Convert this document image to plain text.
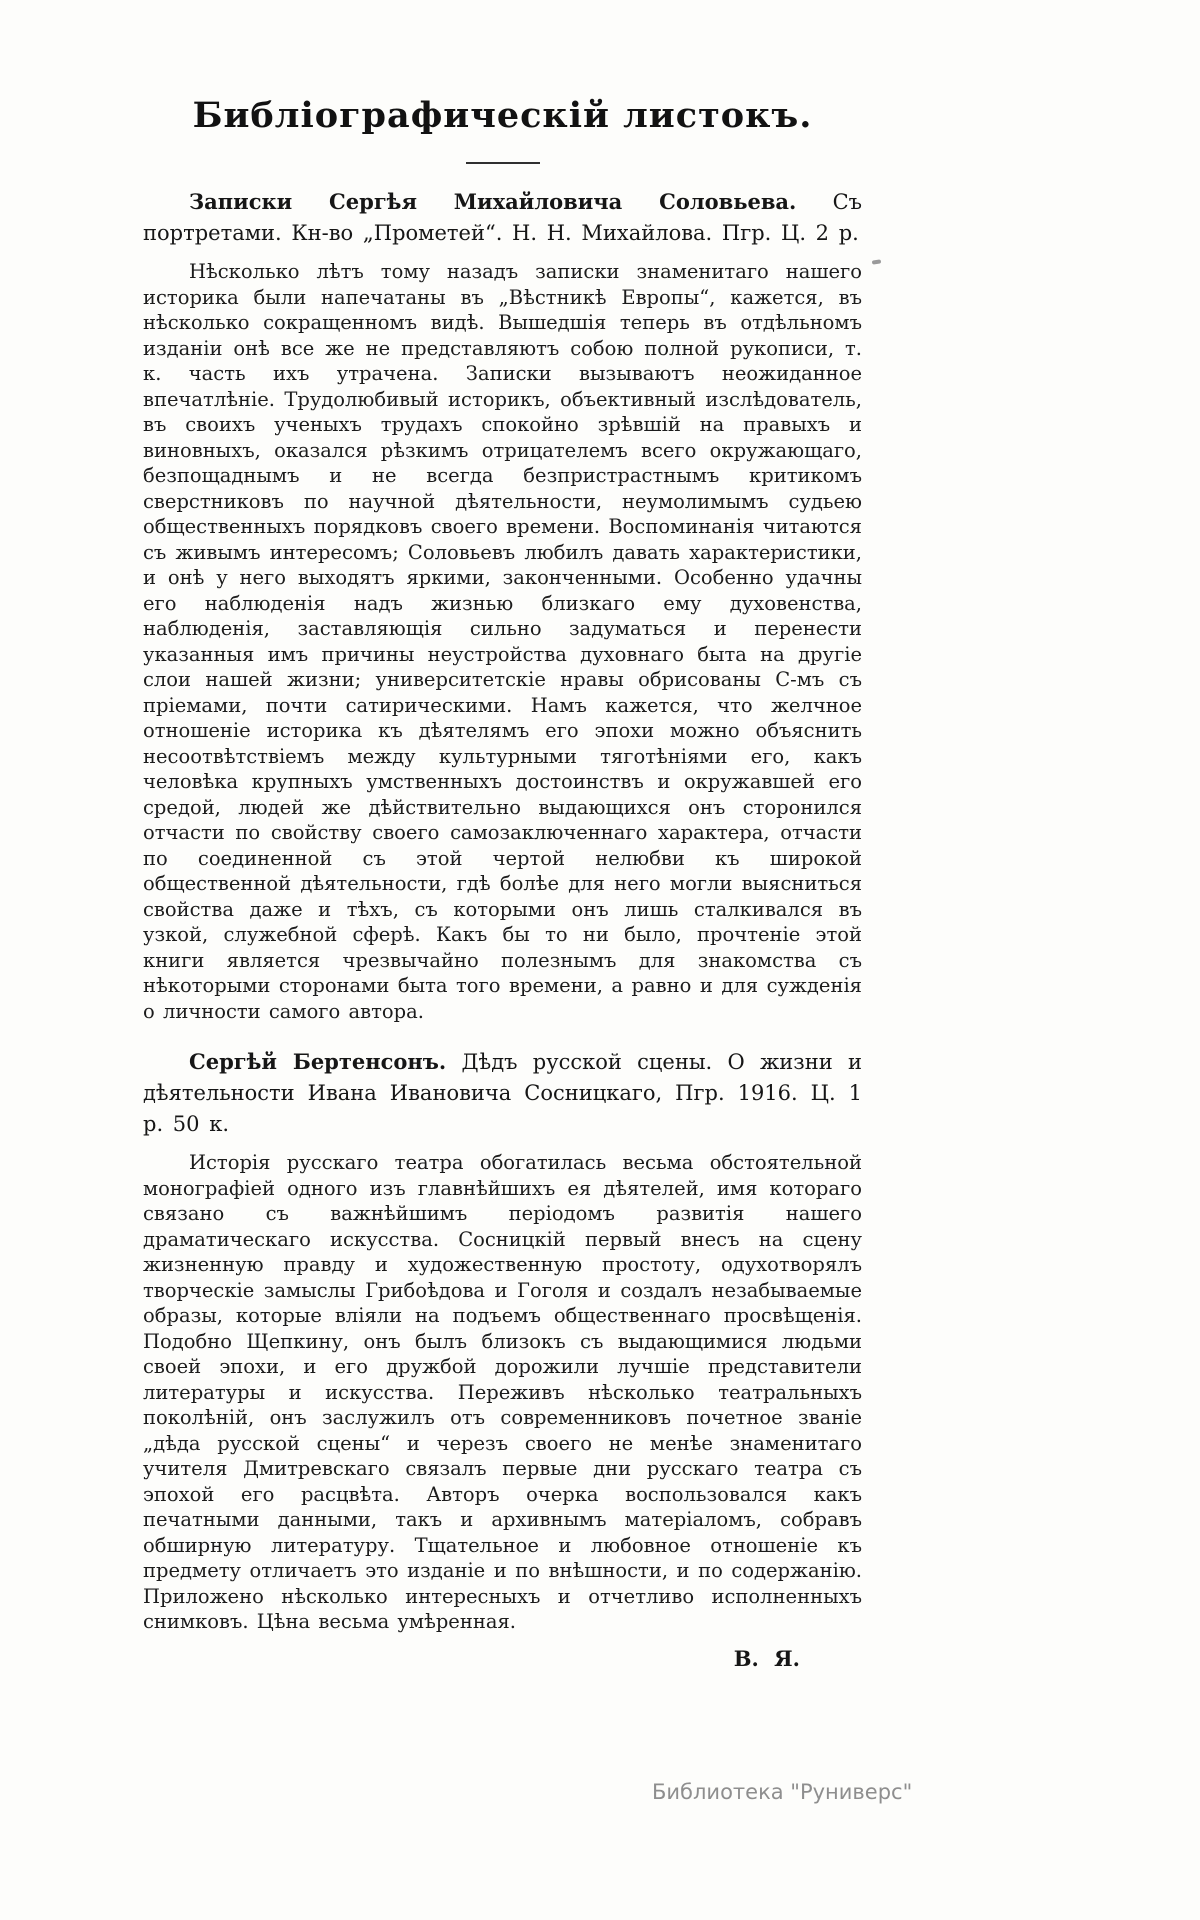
Библіографическій листокъ.

Записки Сергѣя Михайловича Соловьева. Съ портретами. Кн-во „Прометей“. Н. Н. Михайлова. Пгр. Ц. 2 р.

Нѣсколько лѣтъ тому назадъ записки знаменитаго нашего историка были напечатаны въ „Вѣстникѣ Европы“, кажется, въ нѣсколько сокращенномъ видѣ. Вышедшія теперь въ отдѣльномъ изданіи онѣ все же не представляютъ собою полной рукописи, т. к. часть ихъ утрачена. Записки вызываютъ неожиданное впечатлѣніе. Трудолюбивый историкъ, объективный изслѣдователь, въ своихъ ученыхъ трудахъ спокойно зрѣвшій на правыхъ и виновныхъ, оказался рѣзкимъ отрицателемъ всего окружающаго, безпощаднымъ и не всегда безпристрастнымъ критикомъ сверстниковъ по научной дѣятельности, неумолимымъ судьею общественныхъ порядковъ своего времени. Воспоминанія читаются съ живымъ интересомъ; Соловьевъ любилъ давать характеристики, и онѣ у него выходятъ яркими, законченными. Особенно удачны его наблюденія надъ жизнью близкаго ему духовенства, наблюденія, заставляющія сильно задуматься и перенести указанныя имъ причины неустройства духовнаго быта на другіе слои нашей жизни; университетскіе нравы обрисованы С-мъ съ пріемами, почти сатирическими. Намъ кажется, что желчное отношеніе историка къ дѣятелямъ его эпохи можно объяснить несоотвѣтствіемъ между культурными тяготѣніями его, какъ человѣка крупныхъ умственныхъ достоинствъ и окружавшей его средой, людей же дѣйствительно выдающихся онъ сторонился отчасти по свойству своего самозаключеннаго характера, отчасти по соединенной съ этой чертой нелюбви къ широкой общественной дѣятельности, гдѣ болѣе для него могли выясниться свойства даже и тѣхъ, съ которыми онъ лишь сталкивался въ узкой, служебной сферѣ. Какъ бы то ни было, прочтеніе этой книги является чрезвычайно полезнымъ для знакомства съ нѣкоторыми сторонами быта того времени, а равно и для сужденія о личности самого автора.

Сергѣй Бертенсонъ. Дѣдъ русской сцены. О жизни и дѣятельности Ивана Ивановича Сосницкаго, Пгр. 1916. Ц. 1 р. 50 к.

Исторія русскаго театра обогатилась весьма обстоятельной монографіей одного изъ главнѣйшихъ ея дѣятелей, имя котораго связано съ важнѣйшимъ періодомъ развитія нашего драматическаго искусства. Сосницкій первый внесъ на сцену жизненную правду и художественную простоту, одухотворялъ творческіе замыслы Грибоѣдова и Гоголя и создалъ незабываемые образы, которые вліяли на подъемъ общественнаго просвѣщенія. Подобно Щепкину, онъ былъ близокъ съ выдающимися людьми своей эпохи, и его дружбой дорожили лучшіе представители литературы и искусства. Переживъ нѣсколько театральныхъ поколѣній, онъ заслужилъ отъ современниковъ почетное званіе „дѣда русской сцены“ и черезъ своего не менѣе знаменитаго учителя Дмитревскаго связалъ первые дни русскаго театра съ эпохой его расцвѣта. Авторъ очерка воспользовался какъ печатными данными, такъ и архивнымъ матеріаломъ, собравъ обширную литературу. Тщательное и любовное отношеніе къ предмету отличаетъ это изданіе и по внѣшности, и по содержанію. Приложено нѣсколько интересныхъ и отчетливо исполненныхъ снимковъ. Цѣна весьма умѣренная.

В. Я.

Библиотека "Руниверс"
